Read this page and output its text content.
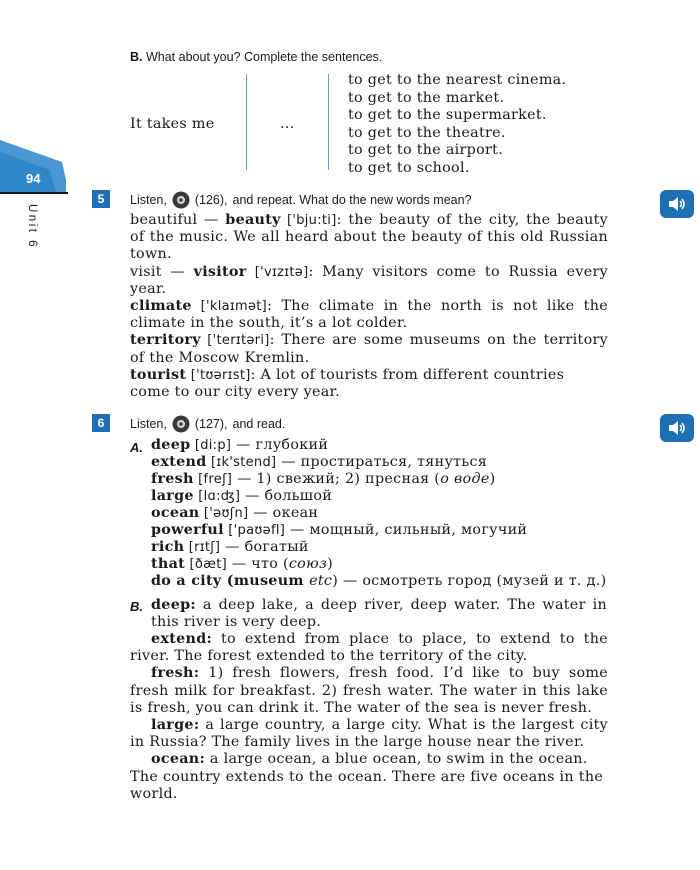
94
Unit 6
B. What about you? Complete the sentences.
It takes me	...
to get to the nearest cinema.
to get to the market.
to get to the supermarket.
to get to the theatre.
to get to the airport.
to get to school.
5	Listen, (126), and repeat. What do the new words mean?

beautiful — beauty ['bju:ti]: the beauty of the city, the beauty of the music. We all heard about the beauty of this old Russian town.

visit — visitor ['vɪzɪtə]: Many visitors come to Russia every year.

climate ['klaɪmət]: The climate in the north is not like the climate in the south, it’s a lot colder.

territory ['terɪtəri]: There are some museums on the territory of the Moscow Kremlin.

tourist ['tʊərɪst]: A lot of tourists from different countries come to our city every year.

6	Listen, (127), and read.
A. deep [di:p] — глубокий
extend [ɪk'stend] — простираться, тянуться
fresh [freʃ] — 1) свежий; 2) пресная (о воде)
large [lɑ:ʤ] — большой
ocean ['əʊʃn] — океан
powerful ['paʊəfl] — мощный, сильный, могучий
rich [rɪtʃ] — богатый
that [ðæt] — что (союз)
do a city (museum etc) — осмотреть город (музей и т. д.)
B. deep: a deep lake, a deep river, deep water. The water in this river is very deep.

extend: to extend from place to place, to extend to the river. The forest extended to the territory of the city.

fresh: 1) fresh flowers, fresh food. I’d like to buy some fresh milk for breakfast. 2) fresh water. The water in this lake is fresh, you can drink it. The water of the sea is never fresh.

large: a large country, a large city. What is the largest city in Russia? The family lives in the large house near the river.

ocean: a large ocean, a blue ocean, to swim in the ocean. The country extends to the ocean. There are five oceans in the world.
